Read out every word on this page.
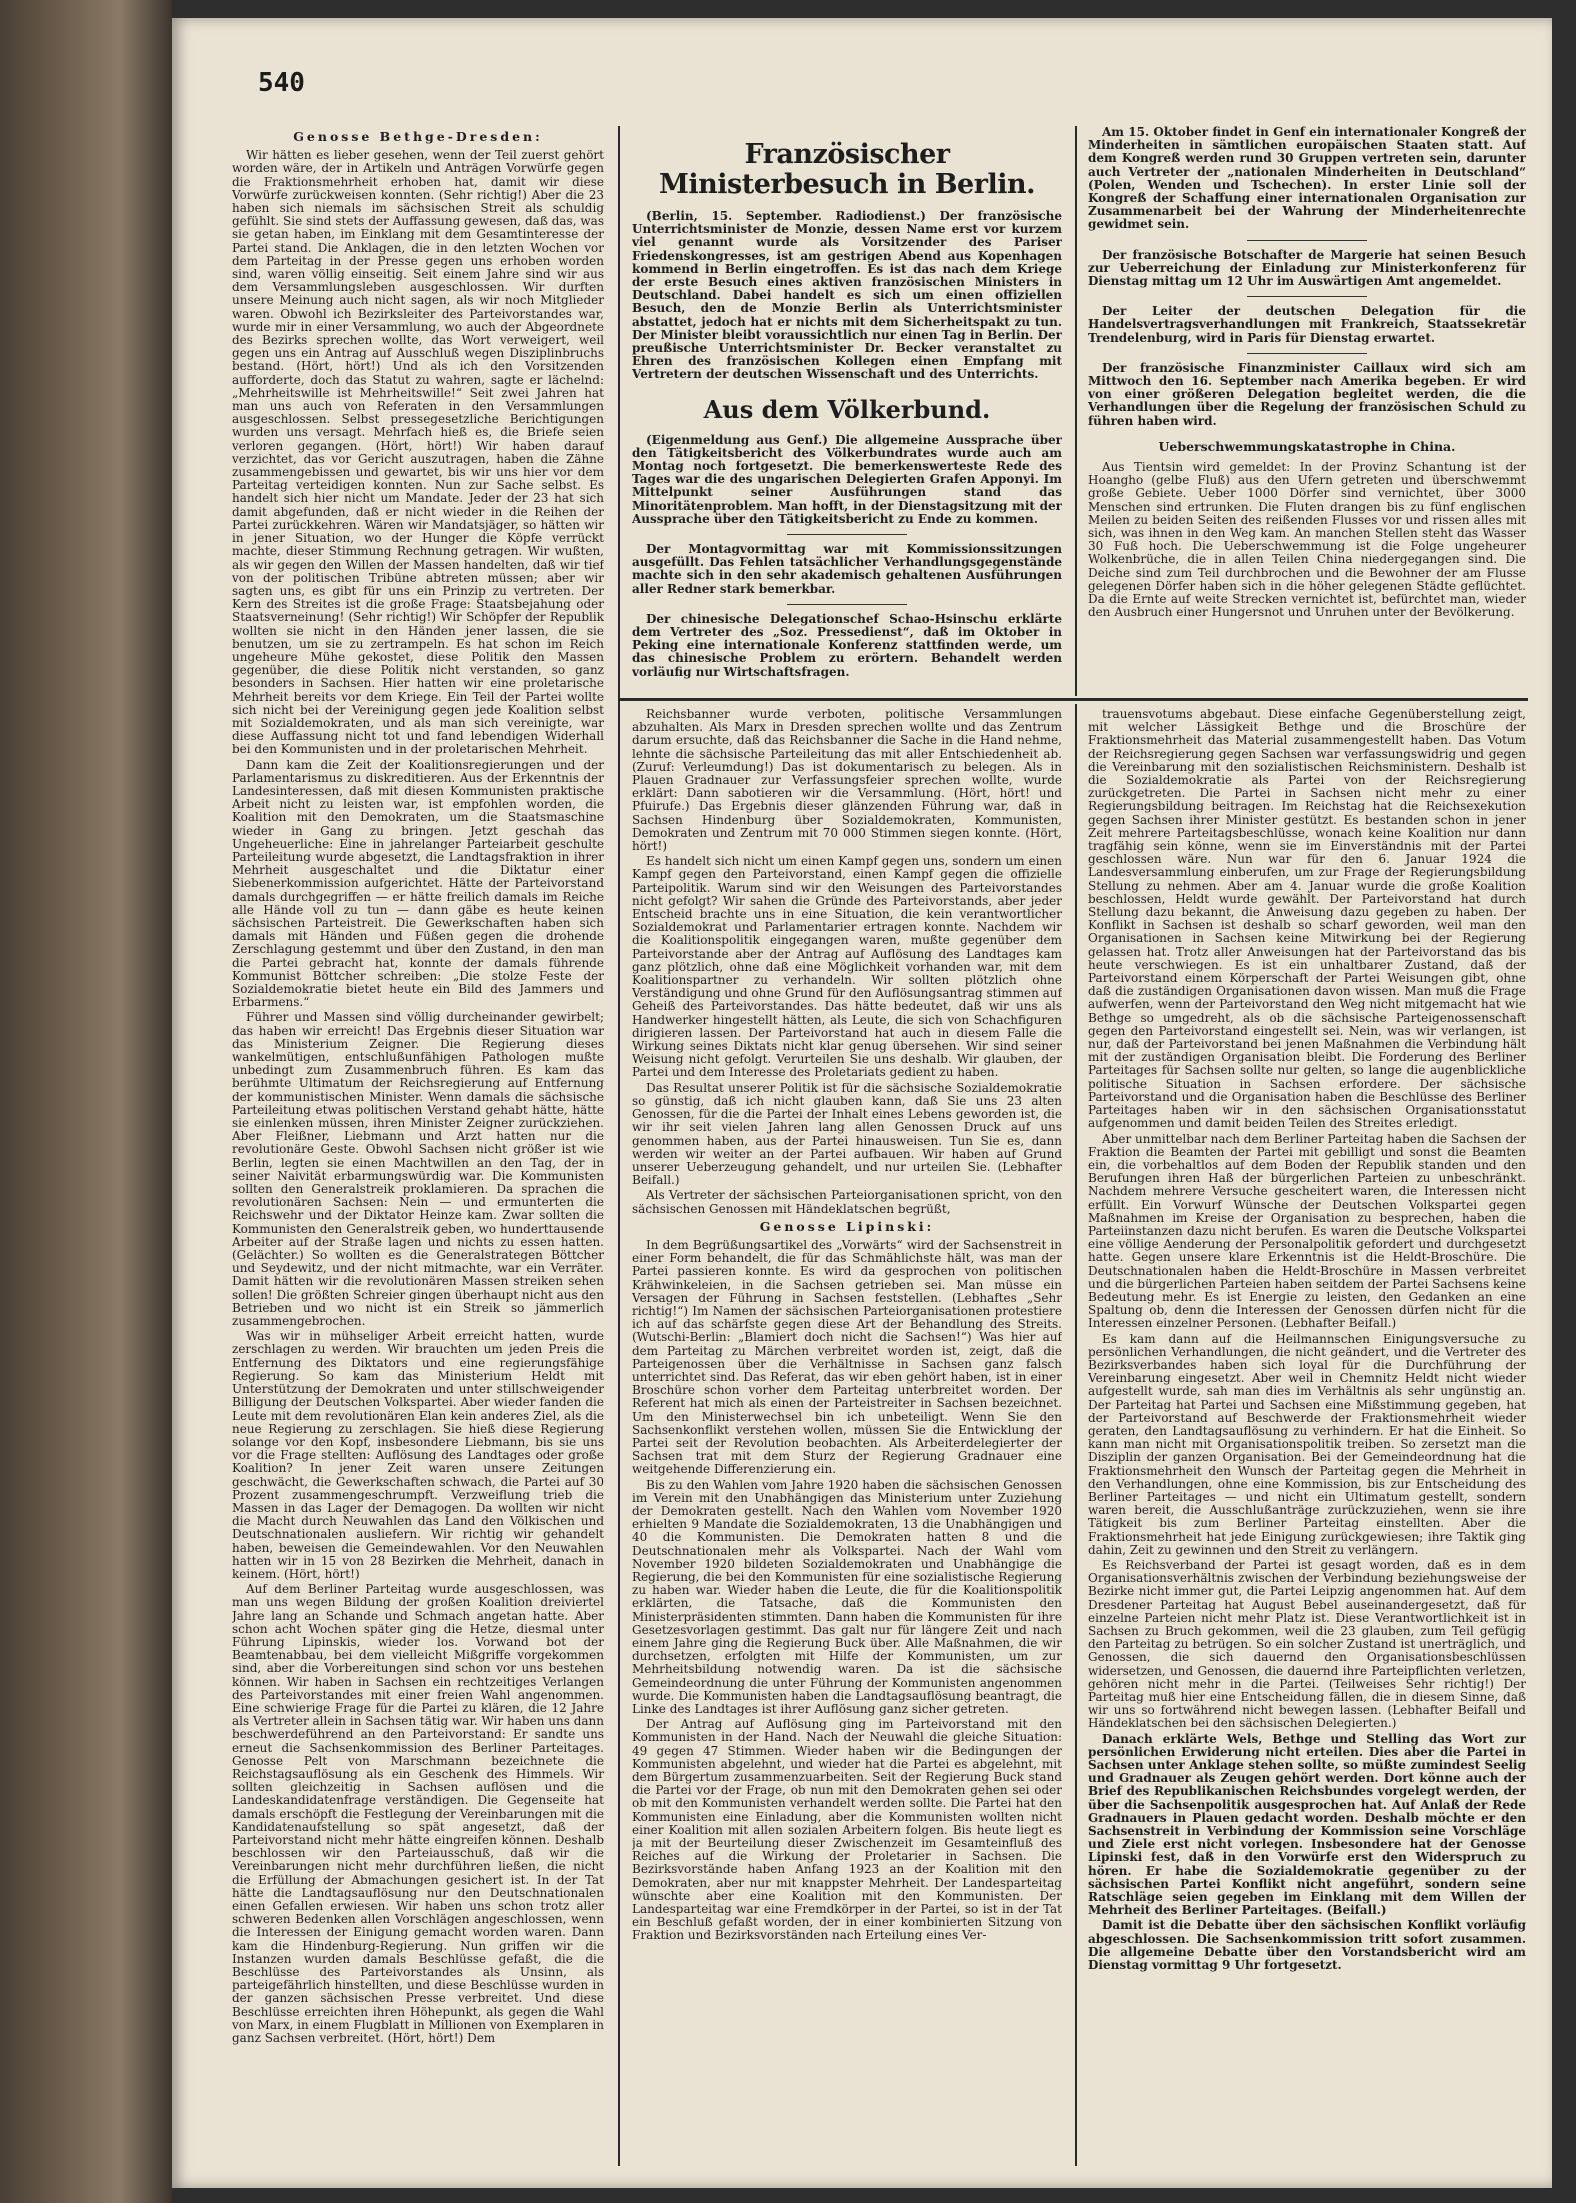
540
Genosse Bethge-Dresden:

Wir hätten es lieber gesehen, wenn der Teil zuerst gehört worden wäre, der in Artikeln und Anträgen Vorwürfe gegen die Fraktionsmehrheit erhoben hat, damit wir diese Vorwürfe zurückweisen konnten. (Sehr richtig!) Aber die 23 haben sich niemals im sächsischen Streit als schuldig gefühlt. Sie sind stets der Auffassung gewesen, daß das, was sie getan haben, im Einklang mit dem Gesamtinteresse der Partei stand. Die Anklagen, die in den letzten Wochen vor dem Parteitag in der Presse gegen uns erhoben worden sind, waren völlig einseitig. Seit einem Jahre sind wir aus dem Versammlungsleben ausgeschlossen. Wir durften unsere Meinung auch nicht sagen, als wir noch Mitglieder waren. Obwohl ich Bezirksleiter des Parteivorstandes war, wurde mir in einer Versammlung, wo auch der Abgeordnete des Bezirks sprechen wollte, das Wort verweigert, weil gegen uns ein Antrag auf Ausschluß wegen Disziplinbruchs bestand. (Hört, hört!) Und als ich den Vorsitzenden aufforderte, doch das Statut zu wahren, sagte er lächelnd: „Mehrheitswille ist Mehrheitswille!“ Seit zwei Jahren hat man uns auch von Referaten in den Versammlungen ausgeschlossen. Selbst pressegesetzliche Berichtigungen wurden uns versagt. Mehrfach hieß es, die Briefe seien verloren gegangen. (Hört, hört!) Wir haben darauf verzichtet, das vor Gericht auszutragen, haben die Zähne zusammengebissen und gewartet, bis wir uns hier vor dem Parteitag verteidigen konnten. Nun zur Sache selbst. Es handelt sich hier nicht um Mandate. Jeder der 23 hat sich damit abgefunden, daß er nicht wieder in die Reihen der Partei zurückkehren. Wären wir Mandatsjäger, so hätten wir in jener Situation, wo der Hunger die Köpfe verrückt machte, dieser Stimmung Rechnung getragen. Wir wußten, als wir gegen den Willen der Massen handelten, daß wir tief von der politischen Tribüne abtreten müssen; aber wir sagten uns, es gibt für uns ein Prinzip zu vertreten. Der Kern des Streites ist die große Frage: Staatsbejahung oder Staatsverneinung! (Sehr richtig!) Wir Schöpfer der Republik wollten sie nicht in den Händen jener lassen, die sie benutzen, um sie zu zertrampeln. Es hat schon im Reich ungeheure Mühe gekostet, diese Politik den Massen gegenüber, die diese Politik nicht verstanden, so ganz besonders in Sachsen. Hier hatten wir eine proletarische Mehrheit bereits vor dem Kriege. Ein Teil der Partei wollte sich nicht bei der Vereinigung gegen jede Koalition selbst mit Sozialdemokraten, und als man sich vereinigte, war diese Auffassung nicht tot und fand lebendigen Widerhall bei den Kommunisten und in der proletarischen Mehrheit.

Dann kam die Zeit der Koalitionsregierungen und der Parlamentarismus zu diskreditieren. Aus der Erkenntnis der Landesinteressen, daß mit diesen Kommunisten praktische Arbeit nicht zu leisten war, ist empfohlen worden, die Koalition mit den Demokraten, um die Staatsmaschine wieder in Gang zu bringen. Jetzt geschah das Ungeheuerliche: Eine in jahrelanger Parteiarbeit geschulte Parteileitung wurde abgesetzt, die Landtagsfraktion in ihrer Mehrheit ausgeschaltet und die Diktatur einer Siebenerkommission aufgerichtet. Hätte der Parteivorstand damals durchgegriffen — er hätte freilich damals im Reiche alle Hände voll zu tun — dann gäbe es heute keinen sächsischen Parteistreit. Die Gewerkschaften haben sich damals mit Händen und Füßen gegen die drohende Zerschlagung gestemmt und über den Zustand, in den man die Partei gebracht hat, konnte der damals führende Kommunist Böttcher schreiben: „Die stolze Feste der Sozialdemokratie bietet heute ein Bild des Jammers und Erbarmens.“

Führer und Massen sind völlig durcheinander gewirbelt; das haben wir erreicht! Das Ergebnis dieser Situation war das Ministerium Zeigner. Die Regierung dieses wankelmütigen, entschlußunfähigen Pathologen mußte unbedingt zum Zusammenbruch führen. Es kam das berühmte Ultimatum der Reichsregierung auf Entfernung der kommunistischen Minister. Wenn damals die sächsische Parteileitung etwas politischen Verstand gehabt hätte, hätte sie einlenken müssen, ihren Minister Zeigner zurückziehen. Aber Fleißner, Liebmann und Arzt hatten nur die revolutionäre Geste. Obwohl Sachsen nicht größer ist wie Berlin, legten sie einen Machtwillen an den Tag, der in seiner Naivität erbarmungswürdig war. Die Kommunisten sollten den Generalstreik proklamieren. Da sprachen die revolutionären Sachsen: Nein — und ermunterten die Reichswehr und der Diktator Heinze kam. Zwar sollten die Kommunisten den Generalstreik geben, wo hunderttausende Arbeiter auf der Straße lagen und nichts zu essen hatten. (Gelächter.) So wollten es die Generalstrategen Böttcher und Seydewitz, und der nicht mitmachte, war ein Verräter. Damit hätten wir die revolutionären Massen streiken sehen sollen! Die größten Schreier gingen überhaupt nicht aus den Betrieben und wo nicht ist ein Streik so jämmerlich zusammengebrochen.

Was wir in mühseliger Arbeit erreicht hatten, wurde zerschlagen zu werden. Wir brauchten um jeden Preis die Entfernung des Diktators und eine regierungsfähige Regierung. So kam das Ministerium Heldt mit Unterstützung der Demokraten und unter stillschweigender Billigung der Deutschen Volkspartei. Aber wieder fanden die Leute mit dem revolutionären Elan kein anderes Ziel, als die neue Regierung zu zerschlagen. Sie hieß diese Regierung solange vor den Kopf, insbesondere Liebmann, bis sie uns vor die Frage stellten: Auflösung des Landtages oder große Koalition? In jener Zeit waren unsere Zeitungen geschwächt, die Gewerkschaften schwach, die Partei auf 30 Prozent zusammengeschrumpft. Verzweiflung trieb die Massen in das Lager der Demagogen. Da wollten wir nicht die Macht durch Neuwahlen das Land den Völkischen und Deutschnationalen ausliefern. Wir richtig wir gehandelt haben, beweisen die Gemeindewahlen. Vor den Neuwahlen hatten wir in 15 von 28 Bezirken die Mehrheit, danach in keinem. (Hört, hört!)

Auf dem Berliner Parteitag wurde ausgeschlossen, was man uns wegen Bildung der großen Koalition dreiviertel Jahre lang an Schande und Schmach angetan hatte. Aber schon acht Wochen später ging die Hetze, diesmal unter Führung Lipinskis, wieder los. Vorwand bot der Beamtenabbau, bei dem vielleicht Mißgriffe vorgekommen sind, aber die Vorbereitungen sind schon vor uns bestehen können. Wir haben in Sachsen ein rechtzeitiges Verlangen des Parteivorstandes mit einer freien Wahl angenommen. Eine schwierige Frage für die Partei zu klären, die 12 Jahre als Vertreter allein in Sachsen tätig war. Wir haben uns dann beschwerdeführend an den Parteivorstand: Er sandte uns erneut die Sachsenkommission des Berliner Parteitages. Genosse Pelt von Marschmann bezeichnete die Reichstagsauflösung als ein Geschenk des Himmels. Wir sollten gleichzeitig in Sachsen auflösen und die Landeskandidatenfrage verständigen. Die Gegenseite hat damals erschöpft die Festlegung der Vereinbarungen mit die Kandidatenaufstellung so spät angesetzt, daß der Parteivorstand nicht mehr hätte eingreifen können. Deshalb beschlossen wir den Parteiausschuß, daß wir die Vereinbarungen nicht mehr durchführen ließen, die nicht die Erfüllung der Abmachungen gesichert ist. In der Tat hätte die Landtagsauflösung nur den Deutschnationalen einen Gefallen erwiesen. Wir haben uns schon trotz aller schweren Bedenken allen Vorschlägen angeschlossen, wenn die Interessen der Einigung gemacht worden waren. Dann kam die Hindenburg-Regierung. Nun griffen wir die Instanzen wurden damals Beschlüsse gefaßt, die die Beschlüsse des Parteivorstandes als Unsinn, als parteigefährlich hinstellten, und diese Beschlüsse wurden in der ganzen sächsischen Presse verbreitet. Und diese Beschlüsse erreichten ihren Höhepunkt, als gegen die Wahl von Marx, in einem Flugblatt in Millionen von Exemplaren in ganz Sachsen verbreitet. (Hört, hört!) Dem

Französischer Ministerbesuch in Berlin.

(Berlin, 15. September. Radiodienst.) Der französische Unterrichtsminister de Monzie, dessen Name erst vor kurzem viel genannt wurde als Vorsitzender des Pariser Friedenskongresses, ist am gestrigen Abend aus Kopenhagen kommend in Berlin eingetroffen. Es ist das nach dem Kriege der erste Besuch eines aktiven französischen Ministers in Deutschland. Dabei handelt es sich um einen offiziellen Besuch, den de Monzie Berlin als Unterrichtsminister abstattet, jedoch hat er nichts mit dem Sicherheitspakt zu tun. Der Minister bleibt voraussichtlich nur einen Tag in Berlin. Der preußische Unterrichtsminister Dr. Becker veranstaltet zu Ehren des französischen Kollegen einen Empfang mit Vertretern der deutschen Wissenschaft und des Unterrichts.

Aus dem Völkerbund.

(Eigenmeldung aus Genf.) Die allgemeine Aussprache über den Tätigkeitsbericht des Völkerbundrates wurde auch am Montag noch fortgesetzt. Die bemerkenswerteste Rede des Tages war die des ungarischen Delegierten Grafen Apponyi. Im Mittelpunkt seiner Ausführungen stand das Minoritätenproblem. Man hofft, in der Dienstagsitzung mit der Aussprache über den Tätigkeitsbericht zu Ende zu kommen.

Der Montagvormittag war mit Kommissionssitzungen ausgefüllt. Das Fehlen tatsächlicher Verhandlungsgegenstände machte sich in den sehr akademisch gehaltenen Ausführungen aller Redner stark bemerkbar.

Der chinesische Delegationschef Schao-Hsinschu erklärte dem Vertreter des „Soz. Pressedienst“, daß im Oktober in Peking eine internationale Konferenz stattfinden werde, um das chinesische Problem zu erörtern. Behandelt werden vorläufig nur Wirtschaftsfragen.

Am 15. Oktober findet in Genf ein internationaler Kongreß der Minderheiten in sämtlichen europäischen Staaten statt. Auf dem Kongreß werden rund 30 Gruppen vertreten sein, darunter auch Vertreter der „nationalen Minderheiten in Deutschland“ (Polen, Wenden und Tschechen). In erster Linie soll der Kongreß der Schaffung einer internationalen Organisation zur Zusammenarbeit bei der Wahrung der Minderheitenrechte gewidmet sein.

Der französische Botschafter de Margerie hat seinen Besuch zur Ueberreichung der Einladung zur Ministerkonferenz für Dienstag mittag um 12 Uhr im Auswärtigen Amt angemeldet.

Der Leiter der deutschen Delegation für die Handelsvertragsverhandlungen mit Frankreich, Staatssekretär Trendelenburg, wird in Paris für Dienstag erwartet.

Der französische Finanzminister Caillaux wird sich am Mittwoch den 16. September nach Amerika begeben. Er wird von einer größeren Delegation begleitet werden, die die Verhandlungen über die Regelung der französischen Schuld zu führen haben wird.

Ueberschwemmungskatastrophe in China.

Aus Tientsin wird gemeldet: In der Provinz Schantung ist der Hoangho (gelbe Fluß) aus den Ufern getreten und überschwemmt große Gebiete. Ueber 1000 Dörfer sind vernichtet, über 3000 Menschen sind ertrunken. Die Fluten drangen bis zu fünf englischen Meilen zu beiden Seiten des reißenden Flusses vor und rissen alles mit sich, was ihnen in den Weg kam. An manchen Stellen steht das Wasser 30 Fuß hoch. Die Ueberschwemmung ist die Folge ungeheurer Wolkenbrüche, die in allen Teilen China niedergegangen sind. Die Deiche sind zum Teil durchbrochen und die Bewohner der am Flusse gelegenen Dörfer haben sich in die höher gelegenen Städte geflüchtet. Da die Ernte auf weite Strecken vernichtet ist, befürchtet man, wieder den Ausbruch einer Hungersnot und Unruhen unter der Bevölkerung.

Reichsbanner wurde verboten, politische Versammlungen abzuhalten. Als Marx in Dresden sprechen wollte und das Zentrum darum ersuchte, daß das Reichsbanner die Sache in die Hand nehme, lehnte die sächsische Parteileitung das mit aller Entschiedenheit ab. (Zuruf: Verleumdung!) Das ist dokumentarisch zu belegen. Als in Plauen Gradnauer zur Verfassungsfeier sprechen wollte, wurde erklärt: Dann sabotieren wir die Versammlung. (Hört, hört! und Pfuirufe.) Das Ergebnis dieser glänzenden Führung war, daß in Sachsen Hindenburg über Sozialdemokraten, Kommunisten, Demokraten und Zentrum mit 70 000 Stimmen siegen konnte. (Hört, hört!)

Es handelt sich nicht um einen Kampf gegen uns, sondern um einen Kampf gegen den Parteivorstand, einen Kampf gegen die offizielle Parteipolitik. Warum sind wir den Weisungen des Parteivorstandes nicht gefolgt? Wir sahen die Gründe des Parteivorstands, aber jeder Entscheid brachte uns in eine Situation, die kein verantwortlicher Sozialdemokrat und Parlamentarier ertragen konnte. Nachdem wir die Koalitionspolitik eingegangen waren, mußte gegenüber dem Parteivorstande aber der Antrag auf Auflösung des Landtages kam ganz plötzlich, ohne daß eine Möglichkeit vorhanden war, mit dem Koalitionspartner zu verhandeln. Wir sollten plötzlich ohne Verständigung und ohne Grund für den Auflösungsantrag stimmen auf Geheiß des Parteivorstandes. Das hätte bedeutet, daß wir uns als Handwerker hingestellt hätten, als Leute, die sich von Schachfiguren dirigieren lassen. Der Parteivorstand hat auch in diesem Falle die Wirkung seines Diktats nicht klar genug übersehen. Wir sind seiner Weisung nicht gefolgt. Verurteilen Sie uns deshalb. Wir glauben, der Partei und dem Interesse des Proletariats gedient zu haben.

Das Resultat unserer Politik ist für die sächsische Sozialdemokratie so günstig, daß ich nicht glauben kann, daß Sie uns 23 alten Genossen, für die die Partei der Inhalt eines Lebens geworden ist, die wir ihr seit vielen Jahren lang allen Genossen Druck auf uns genommen haben, aus der Partei hinausweisen. Tun Sie es, dann werden wir weiter an der Partei aufbauen. Wir haben auf Grund unserer Ueberzeugung gehandelt, und nur urteilen Sie. (Lebhafter Beifall.)

Als Vertreter der sächsischen Parteiorganisationen spricht, von den sächsischen Genossen mit Händeklatschen begrüßt,

Genosse Lipinski:

In dem Begrüßungsartikel des „Vorwärts“ wird der Sachsenstreit in einer Form behandelt, die für das Schmählichste hält, was man der Partei passieren konnte. Es wird da gesprochen von politischen Krähwinkeleien, in die Sachsen getrieben sei. Man müsse ein Versagen der Führung in Sachsen feststellen. (Lebhaftes „Sehr richtig!“) Im Namen der sächsischen Parteiorganisationen protestiere ich auf das schärfste gegen diese Art der Behandlung des Streits. (Wutschi-Berlin: „Blamiert doch nicht die Sachsen!“) Was hier auf dem Parteitag zu Märchen verbreitet worden ist, zeigt, daß die Parteigenossen über die Verhältnisse in Sachsen ganz falsch unterrichtet sind. Das Referat, das wir eben gehört haben, ist in einer Broschüre schon vorher dem Parteitag unterbreitet worden. Der Referent hat mich als einen der Parteistreiter in Sachsen bezeichnet. Um den Ministerwechsel bin ich unbeteiligt. Wenn Sie den Sachsenkonflikt verstehen wollen, müssen Sie die Entwicklung der Partei seit der Revolution beobachten. Als Arbeiterdelegierter der Sachsen trat mit dem Sturz der Regierung Gradnauer eine weitgehende Differenzierung ein.

Bis zu den Wahlen vom Jahre 1920 haben die sächsischen Genossen im Verein mit den Unabhängigen das Ministerium unter Zuziehung der Demokraten gestellt. Nach den Wahlen vom November 1920 erhielten 9 Mandate die Sozialdemokraten, 13 die Unabhängigen und 40 die Kommunisten. Die Demokraten hatten 8 und die Deutschnationalen mehr als Volkspartei. Nach der Wahl vom November 1920 bildeten Sozialdemokraten und Unabhängige die Regierung, die bei den Kommunisten für eine sozialistische Regierung zu haben war. Wieder haben die Leute, die für die Koalitionspolitik erklärten, die Tatsache, daß die Kommunisten den Ministerpräsidenten stimmten. Dann haben die Kommunisten für ihre Gesetzesvorlagen gestimmt. Das galt nur für längere Zeit und nach einem Jahre ging die Regierung Buck über. Alle Maßnahmen, die wir durchsetzen, erfolgten mit Hilfe der Kommunisten, um zur Mehrheitsbildung notwendig waren. Da ist die sächsische Gemeindeordnung die unter Führung der Kommunisten angenommen wurde. Die Kommunisten haben die Landtagsauflösung beantragt, die Linke des Landtages ist ihrer Auflösung ganz sicher getreten.

Der Antrag auf Auflösung ging im Parteivorstand mit den Kommunisten in der Hand. Nach der Neuwahl die gleiche Situation: 49 gegen 47 Stimmen. Wieder haben wir die Bedingungen der Kommunisten abgelehnt, und wieder hat die Partei es abgelehnt, mit dem Bürgertum zusammenzuarbeiten. Seit der Regierung Buck stand die Partei vor der Frage, ob nun mit den Demokraten gehen sei oder ob mit den Kommunisten verhandelt werden sollte. Die Partei hat den Kommunisten eine Einladung, aber die Kommunisten wollten nicht einer Koalition mit allen sozialen Arbeitern folgen. Bis heute liegt es ja mit der Beurteilung dieser Zwischenzeit im Gesamteinfluß des Reiches auf die Wirkung der Proletarier in Sachsen. Die Bezirksvorstände haben Anfang 1923 an der Koalition mit den Demokraten, aber nur mit knappster Mehrheit. Der Landesparteitag wünschte aber eine Koalition mit den Kommunisten. Der Landesparteitag war eine Fremdkörper in der Partei, so ist in der Tat ein Beschluß gefaßt worden, der in einer kombinierten Sitzung von Fraktion und Bezirksvorständen nach Erteilung eines Ver-

trauensvotums abgebaut. Diese einfache Gegenüberstellung zeigt, mit welcher Lässigkeit Bethge und die Broschüre der Fraktionsmehrheit das Material zusammengestellt haben. Das Votum der Reichsregierung gegen Sachsen war verfassungswidrig und gegen die Vereinbarung mit den sozialistischen Reichsministern. Deshalb ist die Sozialdemokratie als Partei von der Reichsregierung zurückgetreten. Die Partei in Sachsen nicht mehr zu einer Regierungsbildung beitragen. Im Reichstag hat die Reichsexekution gegen Sachsen ihrer Minister gestützt. Es bestanden schon in jener Zeit mehrere Parteitagsbeschlüsse, wonach keine Koalition nur dann tragfähig sein könne, wenn sie im Einverständnis mit der Partei geschlossen wäre. Nun war für den 6. Januar 1924 die Landesversammlung einberufen, um zur Frage der Regierungsbildung Stellung zu nehmen. Aber am 4. Januar wurde die große Koalition beschlossen, Heldt wurde gewählt. Der Parteivorstand hat durch Stellung dazu bekannt, die Anweisung dazu gegeben zu haben. Der Konflikt in Sachsen ist deshalb so scharf geworden, weil man den Organisationen in Sachsen keine Mitwirkung bei der Regierung gelassen hat. Trotz aller Anweisungen hat der Parteivorstand das bis heute verschwiegen. Es ist ein unhaltbarer Zustand, daß der Parteivorstand einem Körperschaft der Partei Weisungen gibt, ohne daß die zuständigen Organisationen davon wissen. Man muß die Frage aufwerfen, wenn der Parteivorstand den Weg nicht mitgemacht hat wie Bethge so umgedreht, als ob die sächsische Parteigenossenschaft gegen den Parteivorstand eingestellt sei. Nein, was wir verlangen, ist nur, daß der Parteivorstand bei jenen Maßnahmen die Verbindung hält mit der zuständigen Organisation bleibt. Die Forderung des Berliner Parteitages für Sachsen sollte nur gelten, so lange die augenblickliche politische Situation in Sachsen erfordere. Der sächsische Parteivorstand und die Organisation haben die Beschlüsse des Berliner Parteitages haben wir in den sächsischen Organisationsstatut aufgenommen und damit beiden Teilen des Streites erledigt.

Aber unmittelbar nach dem Berliner Parteitag haben die Sachsen der Fraktion die Beamten der Partei mit gebilligt und sonst die Beamten ein, die vorbehaltlos auf dem Boden der Republik standen und den Berufungen ihren Haß der bürgerlichen Parteien zu unbeschränkt. Nachdem mehrere Versuche gescheitert waren, die Interessen nicht erfüllt. Ein Vorwurf Wünsche der Deutschen Volkspartei gegen Maßnahmen im Kreise der Organisation zu besprechen, haben die Parteiinstanzen dazu nicht berufen. Es waren die Deutsche Volkspartei eine völlige Aenderung der Personalpolitik gefordert und durchgesetzt hatte. Gegen unsere klare Erkenntnis ist die Heldt-Broschüre. Die Deutschnationalen haben die Heldt-Broschüre in Massen verbreitet und die bürgerlichen Parteien haben seitdem der Partei Sachsens keine Bedeutung mehr. Es ist Energie zu leisten, den Gedanken an eine Spaltung ob, denn die Interessen der Genossen dürfen nicht für die Interessen einzelner Personen. (Lebhafter Beifall.)

Es kam dann auf die Heilmannschen Einigungsversuche zu persönlichen Verhandlungen, die nicht geändert, und die Vertreter des Bezirksverbandes haben sich loyal für die Durchführung der Vereinbarung eingesetzt. Aber weil in Chemnitz Heldt nicht wieder aufgestellt wurde, sah man dies im Verhältnis als sehr ungünstig an. Der Parteitag hat Partei und Sachsen eine Mißstimmung gegeben, hat der Parteivorstand auf Beschwerde der Fraktionsmehrheit wieder geraten, den Landtagsauflösung zu verhindern. Er hat die Einheit. So kann man nicht mit Organisationspolitik treiben. So zersetzt man die Disziplin der ganzen Organisation. Bei der Gemeindeordnung hat die Fraktionsmehrheit den Wunsch der Parteitag gegen die Mehrheit in den Verhandlungen, ohne eine Kommission, bis zur Entscheidung des Berliner Parteitages — und nicht ein Ultimatum gestellt, sondern waren bereit, die Ausschlußanträge zurückzuziehen, wenn sie ihre Tätigkeit bis zum Berliner Parteitag einstellten. Aber die Fraktionsmehrheit hat jede Einigung zurückgewiesen; ihre Taktik ging dahin, Zeit zu gewinnen und den Streit zu verlängern.

Es Reichsverband der Partei ist gesagt worden, daß es in dem Organisationsverhältnis zwischen der Verbindung beziehungsweise der Bezirke nicht immer gut, die Partei Leipzig angenommen hat. Auf dem Dresdener Parteitag hat August Bebel auseinandergesetzt, daß für einzelne Parteien nicht mehr Platz ist. Diese Verantwortlichkeit ist in Sachsen zu Bruch gekommen, weil die 23 glauben, zum Teil gefügig den Parteitag zu betrügen. So ein solcher Zustand ist unerträglich, und Genossen, die sich dauernd den Organisationsbeschlüssen widersetzen, und Genossen, die dauernd ihre Parteipflichten verletzen, gehören nicht mehr in die Partei. (Teilweises Sehr richtig!) Der Parteitag muß hier eine Entscheidung fällen, die in diesem Sinne, daß wir uns so fortwährend nicht bewegen lassen. (Lebhafter Beifall und Händeklatschen bei den sächsischen Delegierten.)

Danach erklärte Wels, Bethge und Stelling das Wort zur persönlichen Erwiderung nicht erteilen. Dies aber die Partei in Sachsen unter Anklage stehen sollte, so müßte zumindest Seelig und Gradnauer als Zeugen gehört werden. Dort könne auch der Brief des Republikanischen Reichsbundes vorgelegt werden, der über die Sachsenpolitik ausgesprochen hat. Auf Anlaß der Rede Gradnauers in Plauen gedacht worden. Deshalb möchte er den Sachsenstreit in Verbindung der Kommission seine Vorschläge und Ziele erst nicht vorlegen. Insbesondere hat der Genosse Lipinski fest, daß in den Vorwürfe erst den Widerspruch zu hören. Er habe die Sozialdemokratie gegenüber zu der sächsischen Partei Konflikt nicht angeführt, sondern seine Ratschläge seien gegeben im Einklang mit dem Willen der Mehrheit des Berliner Parteitages. (Beifall.)

Damit ist die Debatte über den sächsischen Konflikt vorläufig abgeschlossen. Die Sachsenkommission tritt sofort zusammen. Die allgemeine Debatte über den Vorstandsbericht wird am Dienstag vormittag 9 Uhr fortgesetzt.
